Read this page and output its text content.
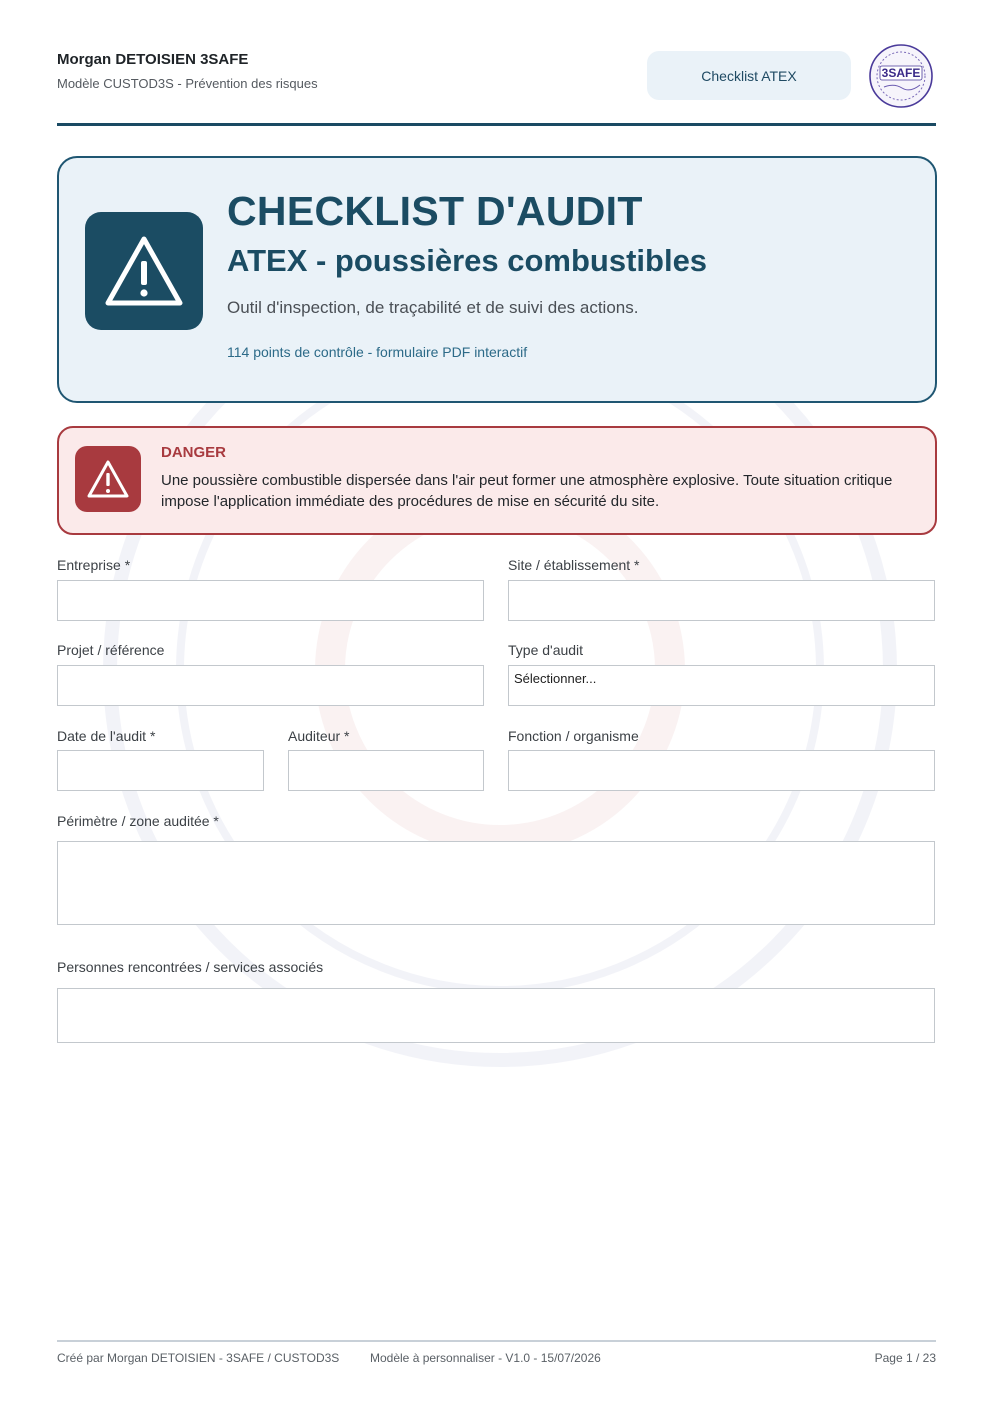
Morgan DETOISIEN 3SAFE
Modèle CUSTOD3S - Prévention des risques	Checklist ATEX	3SAFE
CHECKLIST D'AUDIT
ATEX - poussières combustibles
Outil d'inspection, de traçabilité et de suivi des actions.
114 points de contrôle - formulaire PDF interactif
DANGER
Une poussière combustible dispersée dans l'air peut former une atmosphère explosive. Toute situation critique impose l'application immédiate des procédures de mise en sécurité du site.
Entreprise *	Site / établissement *
Projet / référence	Type d'audit
Sélectionner...
Date de l'audit *	Auditeur *	Fonction / organisme
Périmètre / zone auditée *
Personnes rencontrées / services associés
Créé par Morgan DETOISIEN - 3SAFE / CUSTOD3S	Modèle à personnaliser - V1.0 - 15/07/2026	Page 1 / 23
